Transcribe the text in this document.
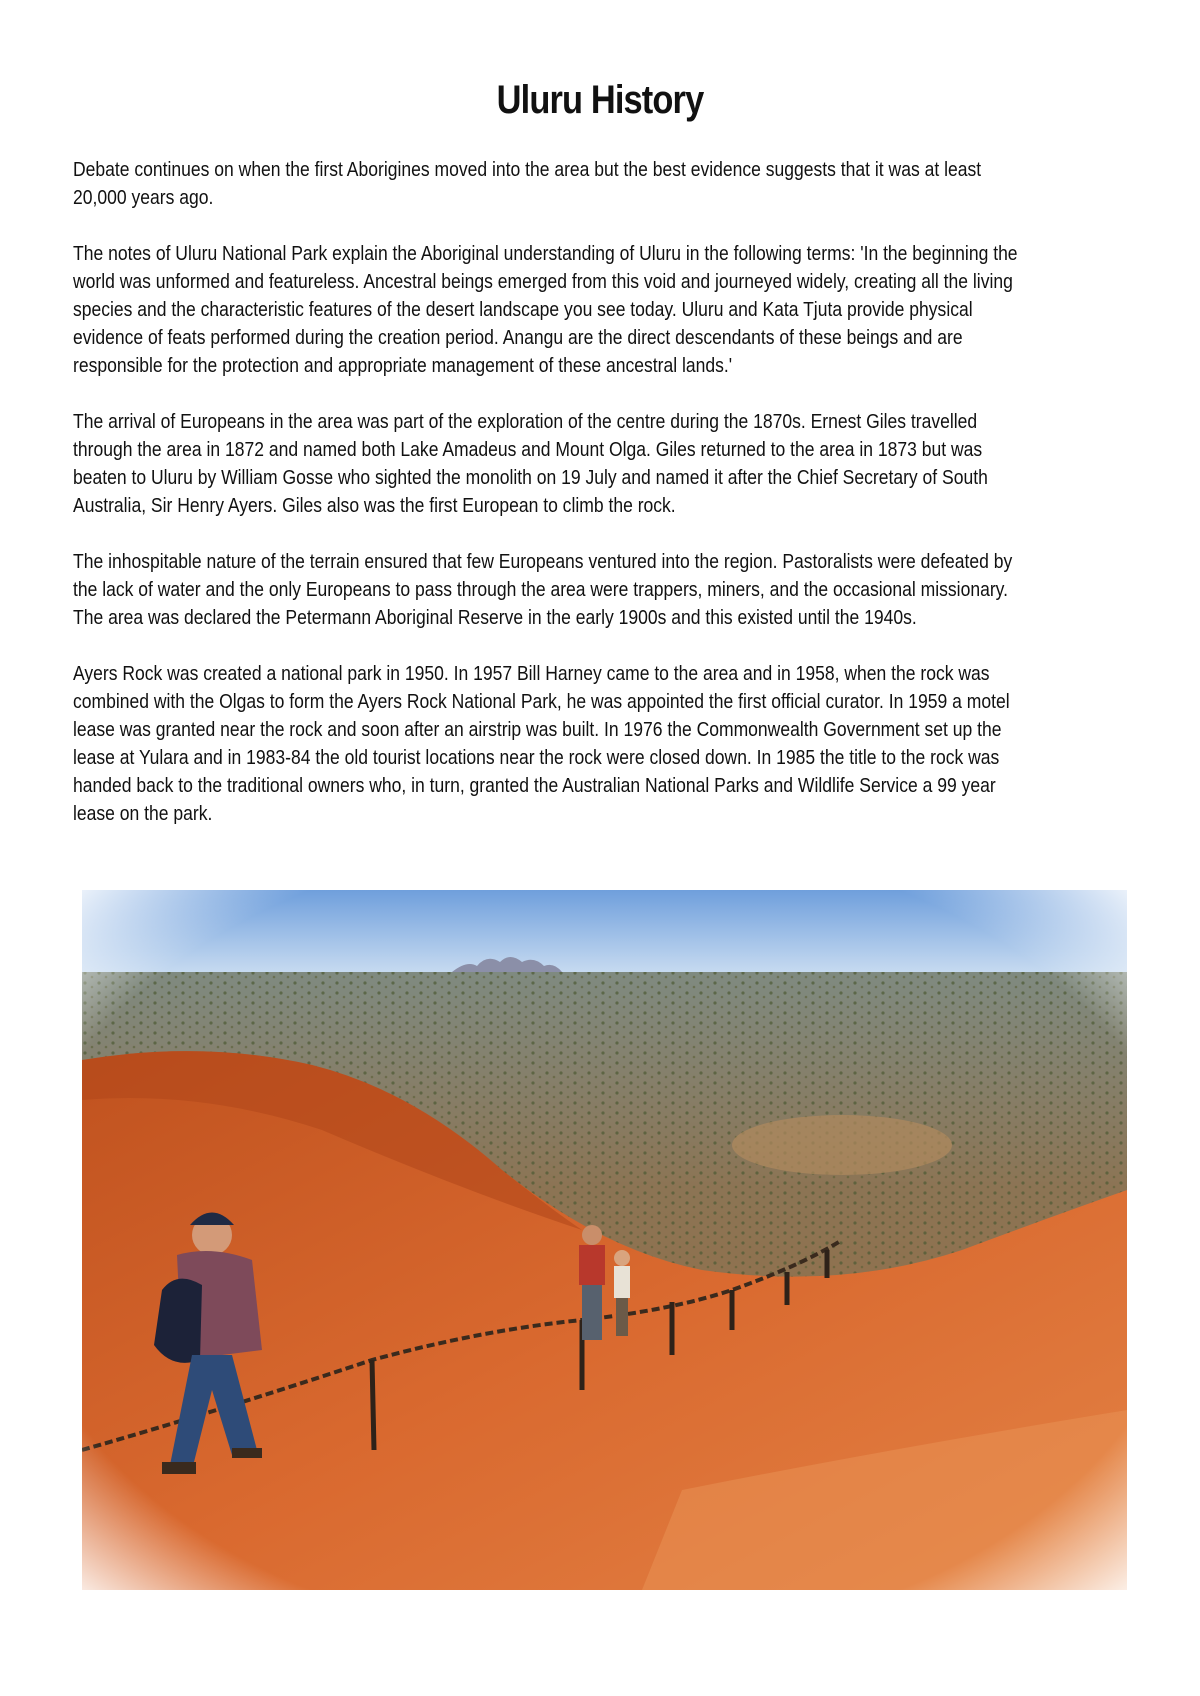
Uluru History

Debate continues on when the first Aborigines moved into the area but the best evidence suggests that it was at least 20,000 years ago.

The notes of Uluru National Park explain the Aboriginal understanding of Uluru in the following terms: 'In the beginning the world was unformed and featureless. Ancestral beings emerged from this void and journeyed widely, creating all the living species and the characteristic features of the desert landscape you see today. Uluru and Kata Tjuta provide physical evidence of feats performed during the creation period. Anangu are the direct descendants of these beings and are responsible for the protection and appropriate management of these ancestral lands.'

The arrival of Europeans in the area was part of the exploration of the centre during the 1870s. Ernest Giles travelled through the area in 1872 and named both Lake Amadeus and Mount Olga. Giles returned to the area in 1873 but was beaten to Uluru by William Gosse who sighted the monolith on 19 July and named it after the Chief Secretary of South Australia, Sir Henry Ayers. Giles also was the first European to climb the rock.

The inhospitable nature of the terrain ensured that few Europeans ventured into the region. Pastoralists were defeated by the lack of water and the only Europeans to pass through the area were trappers, miners, and the occasional missionary. The area was declared the Petermann Aboriginal Reserve in the early 1900s and this existed until the 1940s.

Ayers Rock was created a national park in 1950. In 1957 Bill Harney came to the area and in 1958, when the rock was combined with the Olgas to form the Ayers Rock National Park, he was appointed the first official curator. In 1959 a motel lease was granted near the rock and soon after an airstrip was built. In 1976 the Commonwealth Government set up the lease at Yulara and in 1983-84 the old tourist locations near the rock were closed down. In 1985 the title to the rock was handed back to the traditional owners who, in turn, granted the Australian National Parks and Wildlife Service a 99 year lease on the park.
